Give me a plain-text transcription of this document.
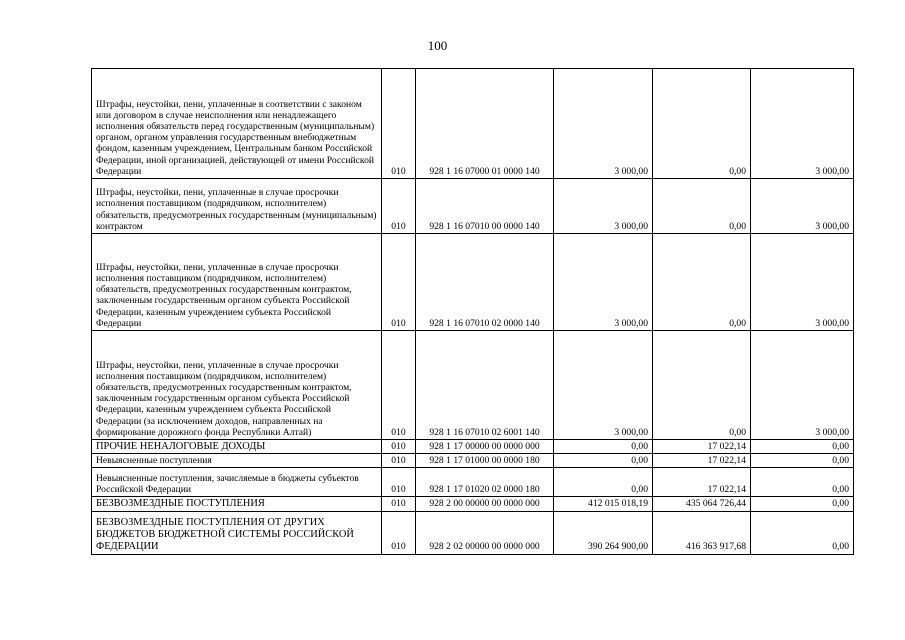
100
Штрафы, неустойки, пени, уплаченные в соответствии с законом или договором в случае неисполнения или ненадлежащего исполнения обязательств перед государственным (муниципальным) органом, органом управления государственным внебюджетным фондом, казенным учреждением, Центральным банком Российской Федерации, иной организацией, действующей от имени Российской Федерации	010	928 1 16 07000 01 0000 140	3 000,00	0,00	3 000,00
Штрафы, неустойки, пени, уплаченные в случае просрочки исполнения поставщиком (подрядчиком, исполнителем) обязательств, предусмотренных государственным (муниципальным) контрактом	010	928 1 16 07010 00 0000 140	3 000,00	0,00	3 000,00
Штрафы, неустойки, пени, уплаченные в случае просрочки исполнения поставщиком (подрядчиком, исполнителем) обязательств, предусмотренных государственным контрактом, заключенным государственным органом субъекта Российской Федерации, казенным учреждением субъекта Российской Федерации	010	928 1 16 07010 02 0000 140	3 000,00	0,00	3 000,00
Штрафы, неустойки, пени, уплаченные в случае просрочки исполнения поставщиком (подрядчиком, исполнителем) обязательств, предусмотренных государственным контрактом, заключенным государственным органом субъекта Российской Федерации, казенным учреждением субъекта Российской Федерации (за исключением доходов, направленных на формирование дорожного фонда Республики Алтай)	010	928 1 16 07010 02 6001 140	3 000,00	0,00	3 000,00
ПРОЧИЕ НЕНАЛОГОВЫЕ ДОХОДЫ	010	928 1 17 00000 00 0000 000	0,00	17 022,14	0,00
Невыясненные поступления	010	928 1 17 01000 00 0000 180	0,00	17 022,14	0,00
Невыясненные поступления, зачисляемые в бюджеты субъектов Российской Федерации	010	928 1 17 01020 02 0000 180	0,00	17 022,14	0,00
БЕЗВОЗМЕЗДНЫЕ ПОСТУПЛЕНИЯ	010	928 2 00 00000 00 0000 000	412 015 018,19	435 064 726,44	0,00
БЕЗВОЗМЕЗДНЫЕ ПОСТУПЛЕНИЯ ОТ ДРУГИХ БЮДЖЕТОВ БЮДЖЕТНОЙ СИСТЕМЫ РОССИЙСКОЙ ФЕДЕРАЦИИ	010	928 2 02 00000 00 0000 000	390 264 900,00	416 363 917,68	0,00
